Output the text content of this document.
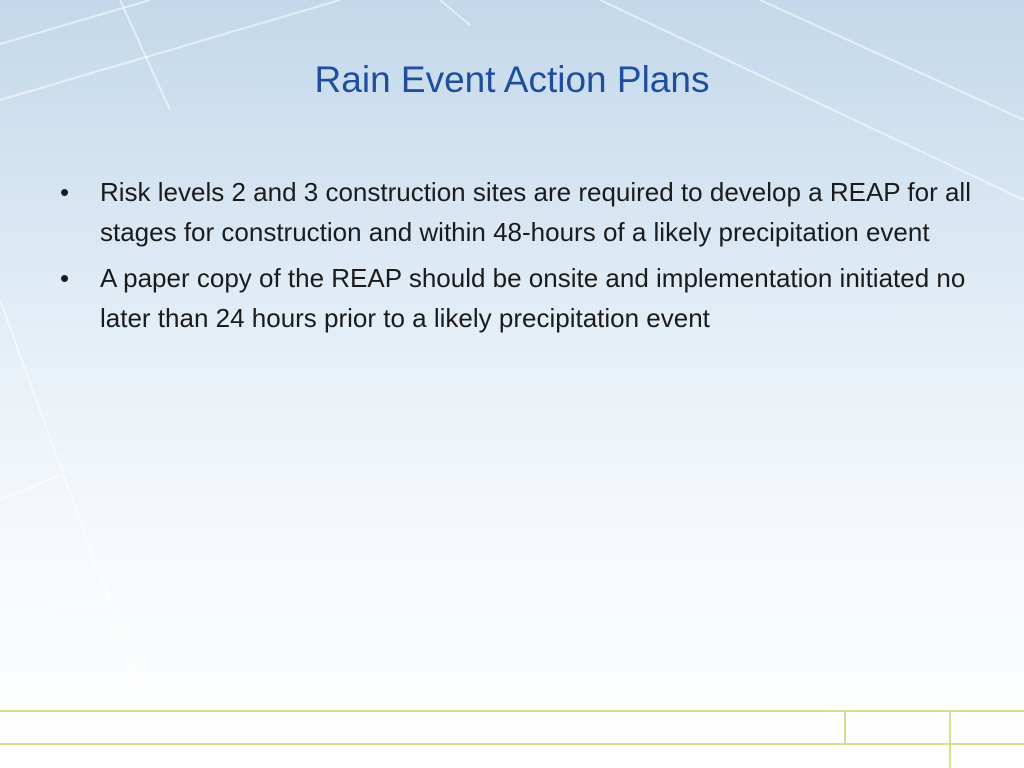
Rain Event Action Plans
•	Risk levels 2 and 3 construction sites are required to develop a REAP for all stages for construction and within 48-hours of a likely precipitation event
•	A paper copy of the REAP should be onsite and implementation initiated no later than 24 hours prior to a likely precipitation event
